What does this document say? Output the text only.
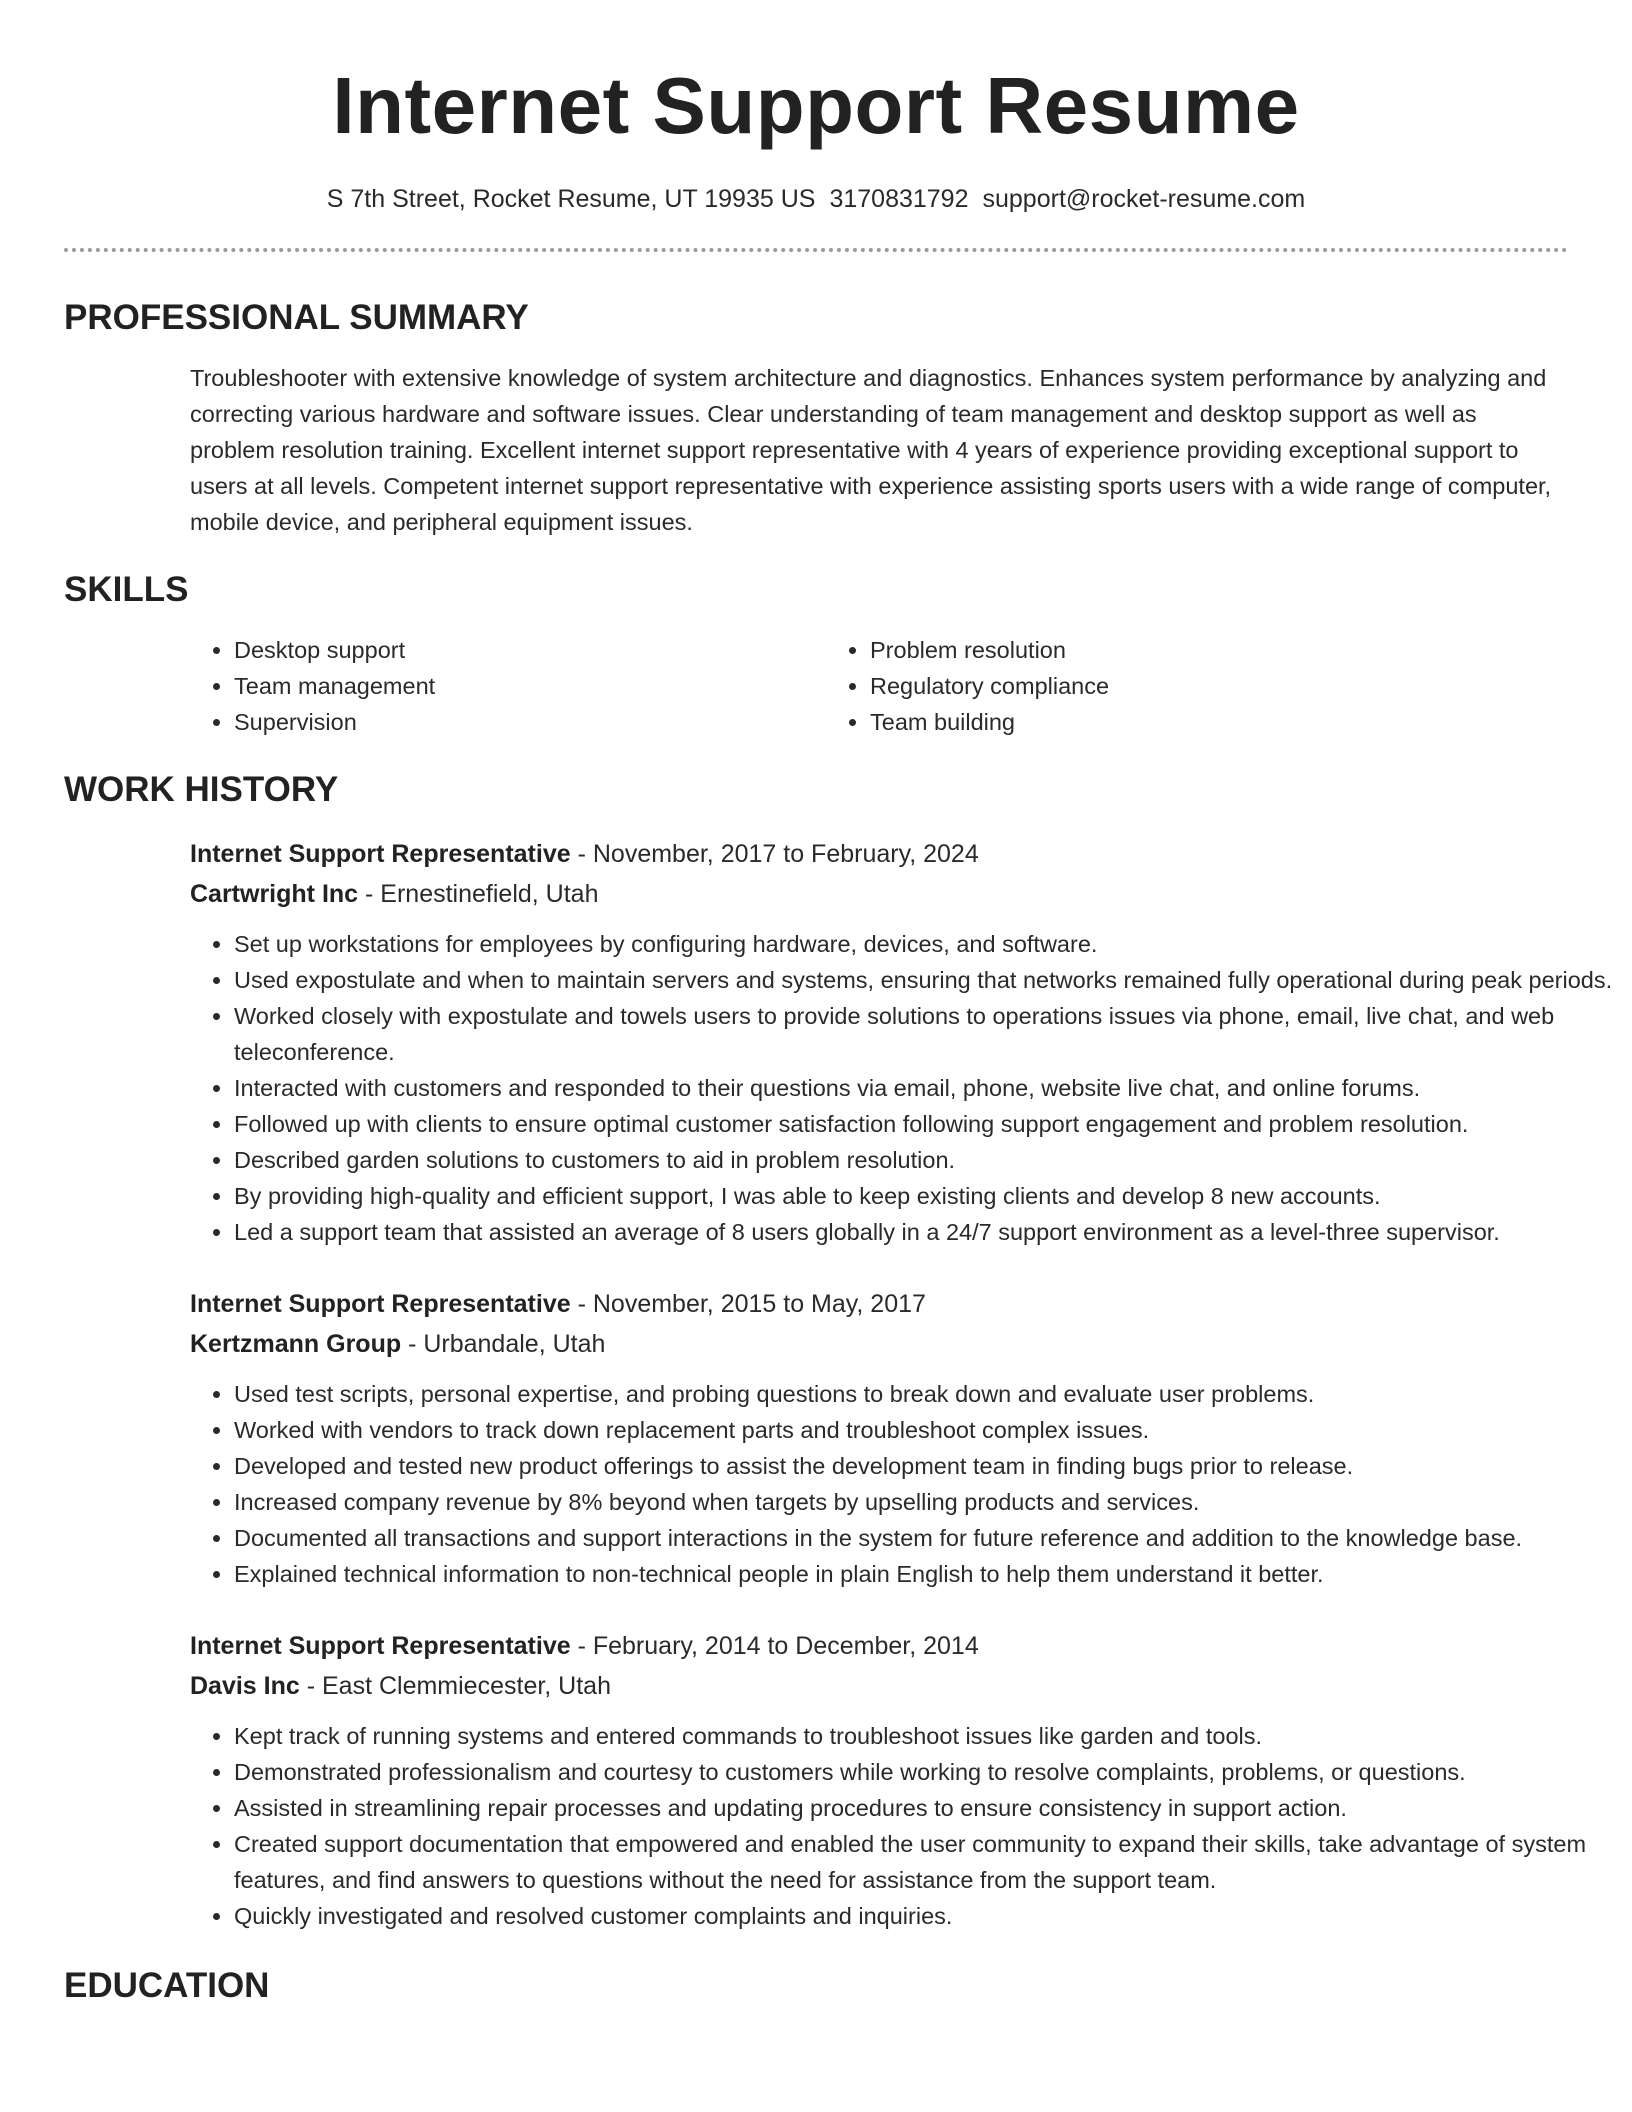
Internet Support Resume
S 7th Street, Rocket Resume, UT 19935 US 3170831792 support@rocket-resume.com
PROFESSIONAL SUMMARY

Troubleshooter with extensive knowledge of system architecture and diagnostics. Enhances system performance by analyzing and correcting various hardware and software issues. Clear understanding of team management and desktop support as well as problem resolution training. Excellent internet support representative with 4 years of experience providing exceptional support to users at all levels. Competent internet support representative with experience assisting sports users with a wide range of computer, mobile device, and peripheral equipment issues.

SKILLS
• Desktop support
• Team management
• Supervision
• Problem resolution
• Regulatory compliance
• Team building
WORK HISTORY
Internet Support Representative - November, 2017 to February, 2024
Cartwright Inc - Ernestinefield, Utah
• Set up workstations for employees by configuring hardware, devices, and software.
• Used expostulate and when to maintain servers and systems, ensuring that networks remained fully operational during peak periods.
• Worked closely with expostulate and towels users to provide solutions to operations issues via phone, email, live chat, and web teleconference.
• Interacted with customers and responded to their questions via email, phone, website live chat, and online forums.
• Followed up with clients to ensure optimal customer satisfaction following support engagement and problem resolution.
• Described garden solutions to customers to aid in problem resolution.
• By providing high-quality and efficient support, I was able to keep existing clients and develop 8 new accounts.
• Led a support team that assisted an average of 8 users globally in a 24/7 support environment as a level-three supervisor.
Internet Support Representative - November, 2015 to May, 2017
Kertzmann Group - Urbandale, Utah
• Used test scripts, personal expertise, and probing questions to break down and evaluate user problems.
• Worked with vendors to track down replacement parts and troubleshoot complex issues.
• Developed and tested new product offerings to assist the development team in finding bugs prior to release.
• Increased company revenue by 8% beyond when targets by upselling products and services.
• Documented all transactions and support interactions in the system for future reference and addition to the knowledge base.
• Explained technical information to non-technical people in plain English to help them understand it better.
Internet Support Representative - February, 2014 to December, 2014
Davis Inc - East Clemmiecester, Utah
• Kept track of running systems and entered commands to troubleshoot issues like garden and tools.
• Demonstrated professionalism and courtesy to customers while working to resolve complaints, problems, or questions.
• Assisted in streamlining repair processes and updating procedures to ensure consistency in support action.
• Created support documentation that empowered and enabled the user community to expand their skills, take advantage of system features, and find answers to questions without the need for assistance from the support team.
• Quickly investigated and resolved customer complaints and inquiries.
EDUCATION
